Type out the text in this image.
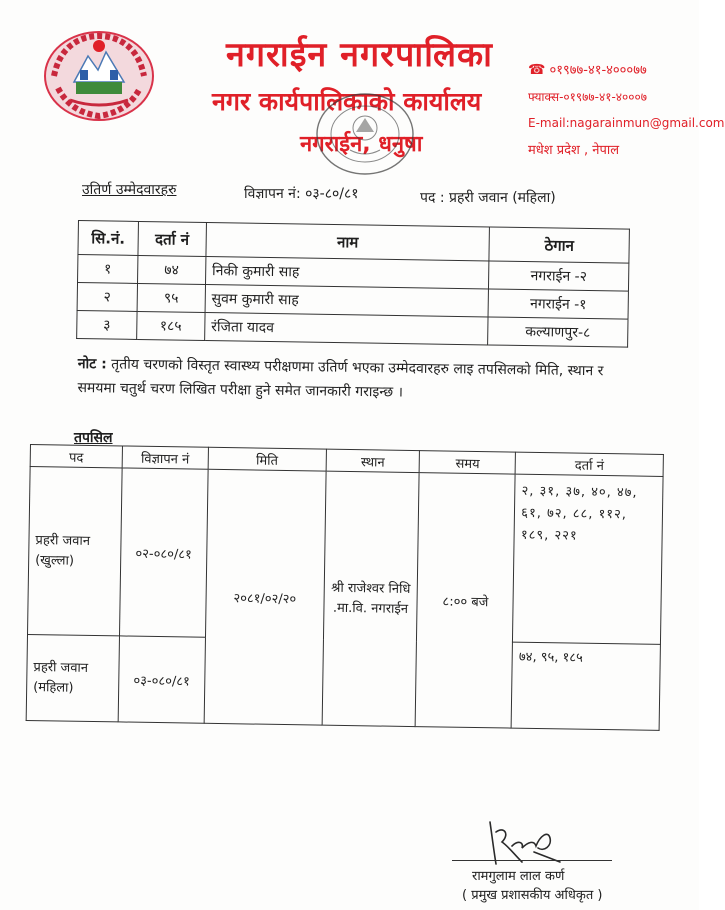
नगराईन नगरपालिका
नगर कार्यपालिकाको कार्यालय
नगराईन, धनुषा
☎ ०१९७७-४१-४०००७७
फ्याक्स-०१९७७-४१-४०००७
E-mail:nagarainmun@gmail.com
मधेश प्रदेश , नेपाल
उतिर्ण उम्मेदवारहरु	विज्ञापन नं: ०३-८०/८१	पद : प्रहरी जवान (महिला)
सि.नं.	दर्ता नं	नाम	ठेगान
१	७४	निकी कुमारी साह	नगराईन -२
२	९५	सुवम कुमारी साह	नगराईन -१
३	१८५	रंजिता यादव	कल्याणपुर-८
नोट : तृतीय चरणको विस्तृत स्वास्थ्य परीक्षणमा उतिर्ण भएका उम्मेदवारहरु लाइ तपसिलको मिति, स्थान र समयमा चतुर्थ चरण लिखित परीक्षा हुने समेत जानकारी गराइन्छ ।
तपसिल
पद	विज्ञापन नं	मिति	स्थान	समय	दर्ता नं
प्रहरी जवान (खुल्ला)	०२-०८०/८१	२०८१/०२/२०	श्री राजेश्वर निधि .मा.वि. नगराईन	८:०० बजे	२, ३१, ३७, ४०, ४७, ६१, ७२, ८८, ११२, १८९, २२१
प्रहरी जवान (महिला)	०३-०८०/८१				७४, ९५, १८५
रामगुलाम लाल कर्ण
( प्रमुख प्रशासकीय अधिकृत )
